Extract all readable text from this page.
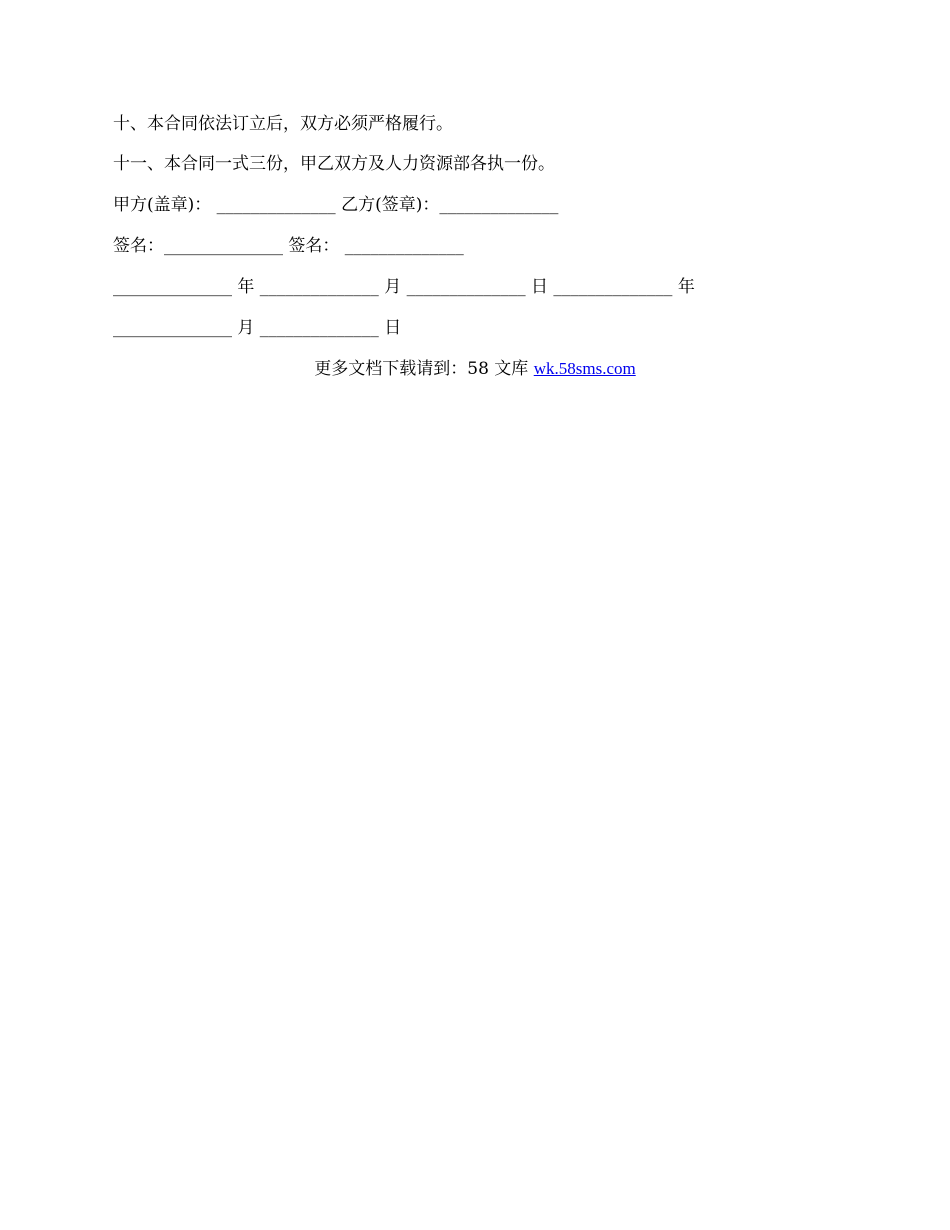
十、本合同依法订立后，双方必须严格履行。
十一、本合同一式三份，甲乙双方及人力资源部各执一份。
甲方(盖章)： ______________ 乙方(签章)：______________
签名：______________ 签名： ______________
______________ 年 ______________ 月 ______________ 日 ______________ 年
______________ 月 ______________ 日
更多文档下载请到：58 文库 wk.58sms.com
